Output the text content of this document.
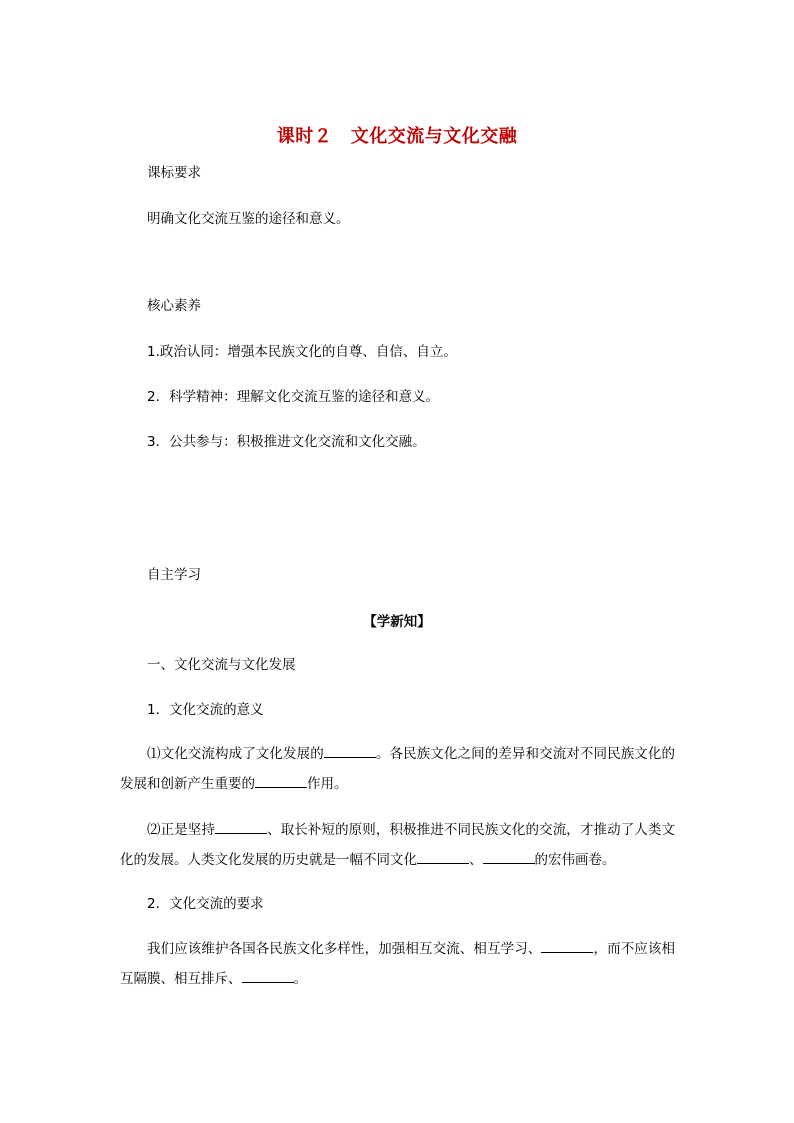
课时２　文化交流与文化交融
课标要求
明确文化交流互鉴的途径和意义。
核心素养
1.政治认同：增强本民族文化的自尊、自信、自立。
2．科学精神：理解文化交流互鉴的途径和意义。
3．公共参与：积极推进文化交流和文化交融。
自主学习
【学新知】
一、文化交流与文化发展
1．文化交流的意义
⑴文化交流构成了文化发展的	。各民族文化之间的差异和交流对不同民族文化的发展和创新产生重要的	作用。
⑵正是坚持	、取长补短的原则，积极推进不同民族文化的交流，才推动了人类文化的发展。人类文化发展的历史就是一幅不同文化	、	的宏伟画卷。
2．文化交流的要求
我们应该维护各国各民族文化多样性，加强相互交流、相互学习、	，而不应该相互隔膜、相互排斥、	。
